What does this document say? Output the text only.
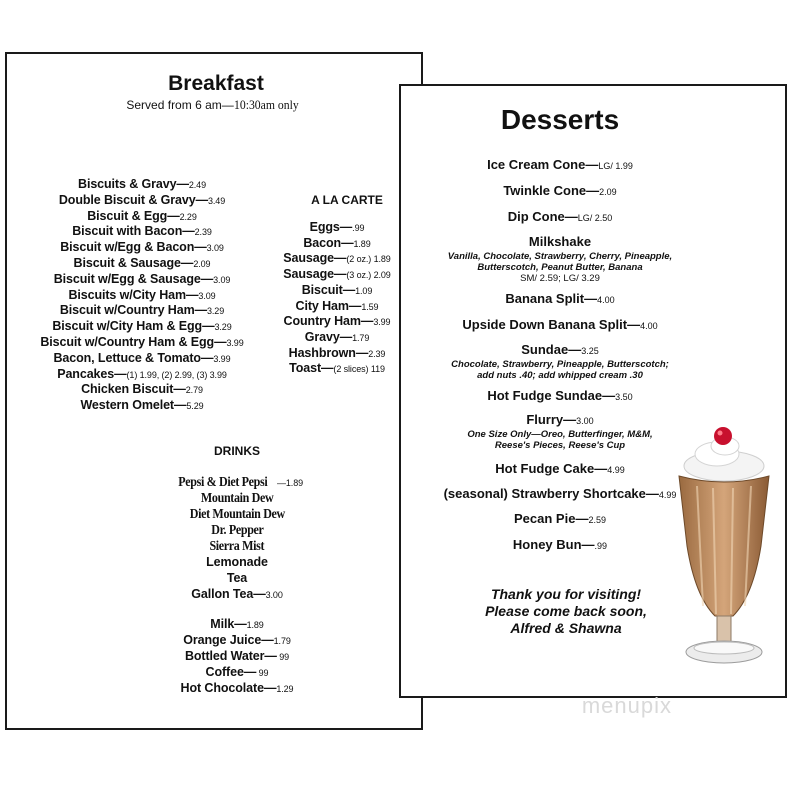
Breakfast
Served from 6 am—10:30am only
Biscuits & Gravy—2.49
Double Biscuit & Gravy—3.49
Biscuit & Egg—2.29
Biscuit with Bacon—2.39
Biscuit w/Egg & Bacon—3.09
Biscuit & Sausage—2.09
Biscuit w/Egg & Sausage—3.09
Biscuits w/City Ham—3.09
Biscuit w/Country Ham—3.29
Biscuit w/City Ham & Egg—3.29
Biscuit w/Country Ham & Egg—3.99
Bacon, Lettuce & Tomato—3.99
Pancakes—(1) 1.99, (2) 2.99, (3) 3.99
Chicken Biscuit—2.79
Western Omelet—5.29
A LA CARTE
Eggs—.99
Bacon—1.89
Sausage—(2 oz.) 1.89
Sausage—(3 oz.) 2.09
Biscuit—1.09
City Ham—1.59
Country Ham—3.99
Gravy—1.79
Hashbrown—2.39
Toast—(2 slices) 119
DRINKS
Pepsi & Diet Pepsi —1.89
Mountain Dew
Diet Mountain Dew
Dr. Pepper
Sierra Mist
Lemonade
Tea
Gallon Tea—3.00
Milk—1.89
Orange Juice—1.79
Bottled Water— 99
Coffee— 99
Hot Chocolate—1.29
Desserts
Ice Cream Cone—LG/ 1.99
Twinkle Cone—2.09
Dip Cone—LG/ 2.50
Milkshake
Vanilla, Chocolate, Strawberry, Cherry, Pineapple,
Butterscotch, Peanut Butter, Banana
SM/ 2.59; LG/ 3.29
Banana Split—4.00
Upside Down Banana Split—4.00
Sundae—3.25
Chocolate, Strawberry, Pineapple, Butterscotch;
add nuts .40; add whipped cream .30
Hot Fudge Sundae—3.50
Flurry—3.00
One Size Only—Oreo, Butterfinger, M&M,
Reese's Pieces, Reese's Cup
Hot Fudge Cake—4.99
(seasonal) Strawberry Shortcake—4.99
Pecan Pie—2.59
Honey Bun—.99
Thank you for visiting!
Please come back soon,
Alfred & Shawna
menupix
